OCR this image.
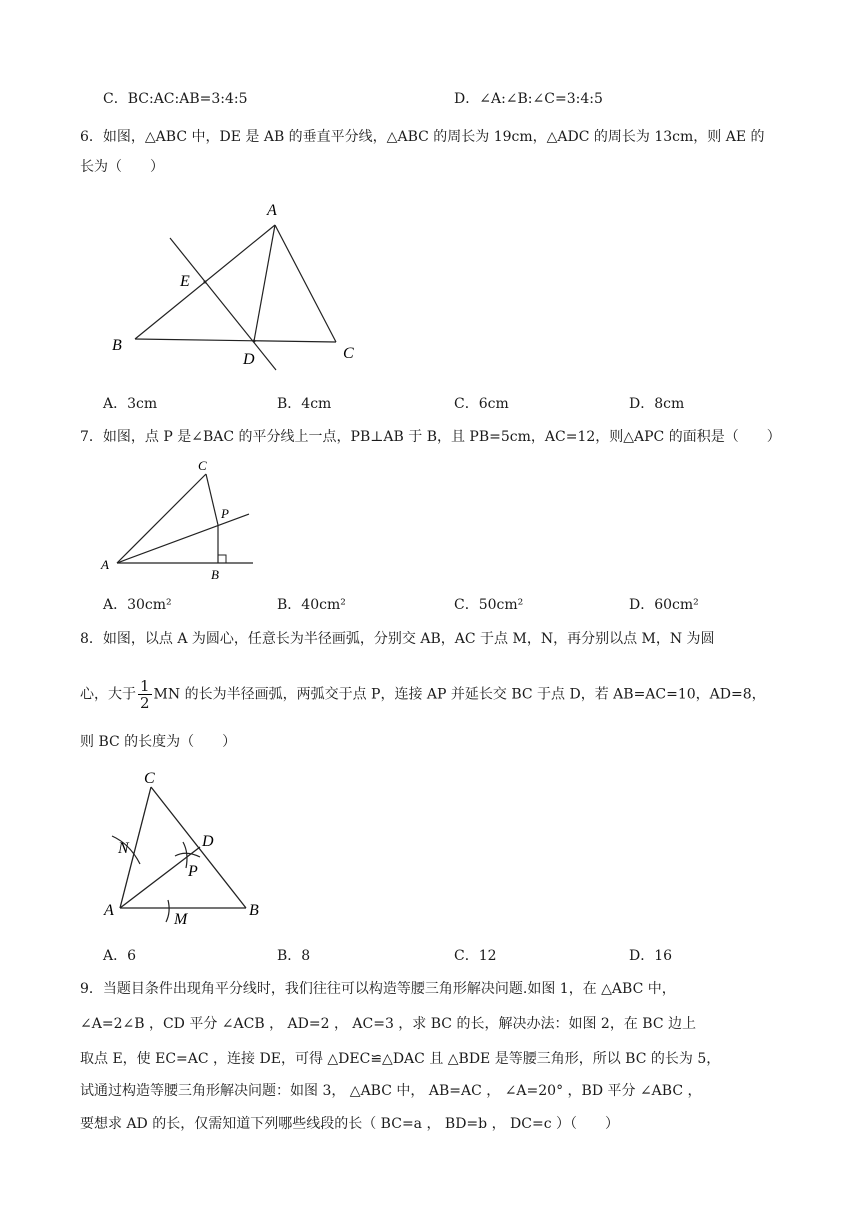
C．BC:AC:AB=3:4:5	D．∠A:∠B:∠C=3:4:5
6．如图，△ABC 中，DE 是 AB 的垂直平分线，△ABC 的周长为 19cm，△ADC 的周长为 13cm，则 AE 的
长为（　　）
A
B	C
D
E
A．3cm	B．4cm	C．6cm	D．8cm
7．如图，点 P 是∠BAC 的平分线上一点，PB⊥AB 于 B，且 PB=5cm，AC=12，则△APC 的面积是（　　）
C
P
A
B
A．30cm²	B．40cm²	C．50cm²	D．60cm²
8．如图，以点 A 为圆心，任意长为半径画弧，分别交 AB，AC 于点 M，N，再分别以点 M，N 为圆
心，大于 $\frac{1}{2}$ MN 的长为半径画弧，两弧交于点 P，连接 AP 并延长交 BC 于点 D，若 AB=AC=10，AD=8，
则 BC 的长度为（　　）
C
D
N
P
A	B
M
A．6	B．8	C．12	D．16
9．当题目条件出现角平分线时，我们往往可以构造等腰三角形解决问题.如图 1，在 △ABC 中，
∠A=2∠B ，CD 平分 ∠ACB ， AD=2 ， AC=3 ，求 BC 的长，解决办法：如图 2，在 BC 边上
取点 E，使 EC=AC ，连接 DE，可得 △DEC≌△DAC 且 △BDE 是等腰三角形，所以 BC 的长为 5，
试通过构造等腰三角形解决问题：如图 3， △ABC 中， AB=AC ， ∠A=20° ，BD 平分 ∠ABC ，
要想求 AD 的长，仅需知道下列哪些线段的长（ BC=a ， BD=b ， DC=c ）（　　）
